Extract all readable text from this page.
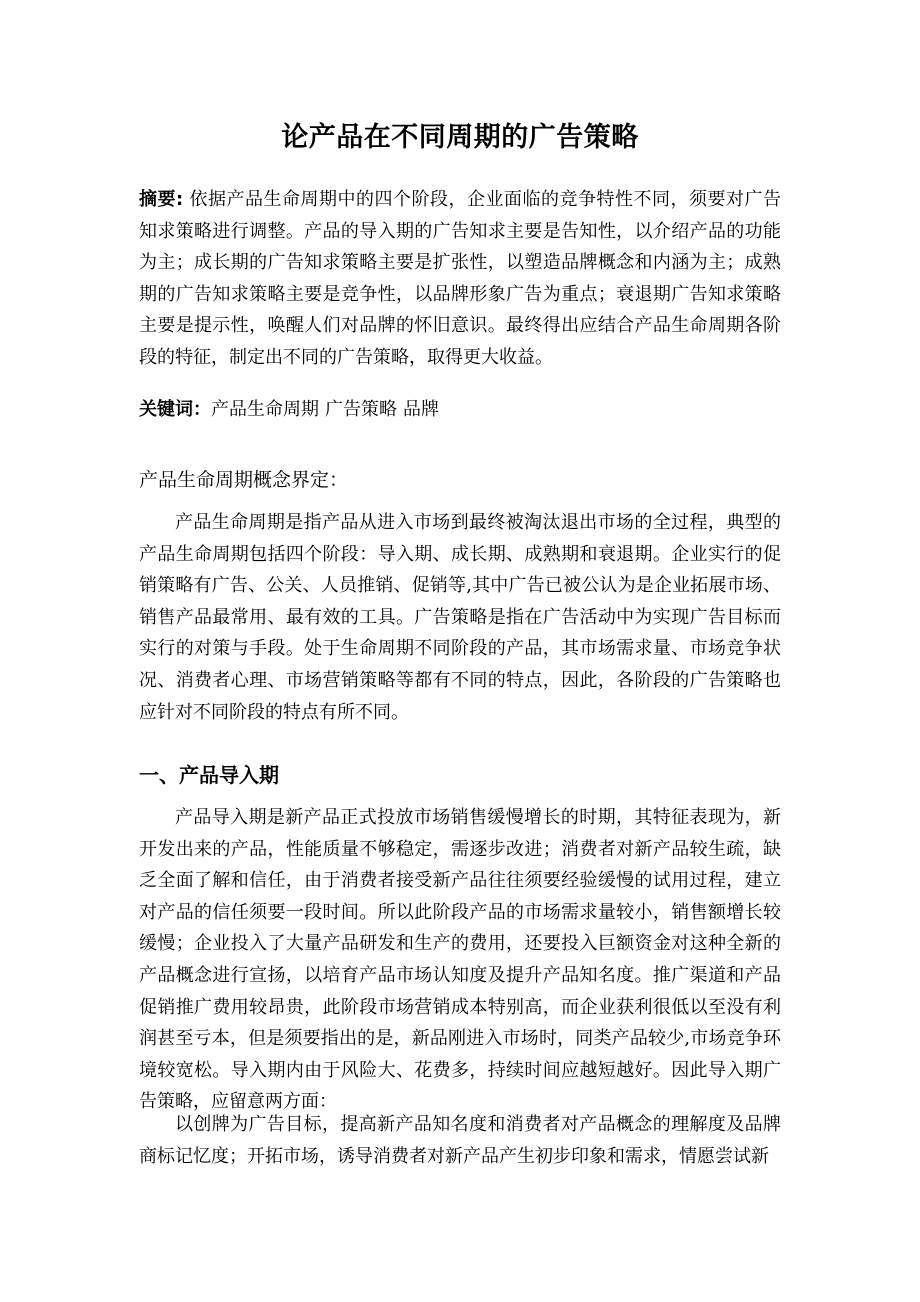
论产品在不同周期的广告策略
摘要: 依据产品生命周期中的四个阶段，企业面临的竞争特性不同，须要对广告知求策略进行调整。产品的导入期的广告知求主要是告知性，以介绍产品的功能为主；成长期的广告知求策略主要是扩张性，以塑造品牌概念和内涵为主；成熟期的广告知求策略主要是竞争性，以品牌形象广告为重点；衰退期广告知求策略主要是提示性，唤醒人们对品牌的怀旧意识。最终得出应结合产品生命周期各阶段的特征，制定出不同的广告策略，取得更大收益。
关键词：产品生命周期 广告策略 品牌
产品生命周期概念界定：
产品生命周期是指产品从进入市场到最终被淘汰退出市场的全过程，典型的产品生命周期包括四个阶段：导入期、成长期、成熟期和衰退期。企业实行的促销策略有广告、公关、人员推销、促销等,其中广告已被公认为是企业拓展市场、销售产品最常用、最有效的工具。广告策略是指在广告活动中为实现广告目标而实行的对策与手段。处于生命周期不同阶段的产品，其市场需求量、市场竞争状况、消费者心理、市场营销策略等都有不同的特点，因此，各阶段的广告策略也应针对不同阶段的特点有所不同。
一、产品导入期
产品导入期是新产品正式投放市场销售缓慢增长的时期，其特征表现为，新开发出来的产品，性能质量不够稳定，需逐步改进；消费者对新产品较生疏，缺乏全面了解和信任，由于消费者接受新产品往往须要经验缓慢的试用过程，建立对产品的信任须要一段时间。所以此阶段产品的市场需求量较小，销售额增长较缓慢；企业投入了大量产品研发和生产的费用，还要投入巨额资金对这种全新的产品概念进行宣扬，以培育产品市场认知度及提升产品知名度。推广渠道和产品促销推广费用较昂贵，此阶段市场营销成本特别高，而企业获利很低以至没有利润甚至亏本，但是须要指出的是，新品刚进入市场时，同类产品较少,市场竞争环境较宽松。导入期内由于风险大、花费多，持续时间应越短越好。因此导入期广告策略，应留意两方面：
以创牌为广告目标，提高新产品知名度和消费者对产品概念的理解度及品牌商标记忆度；开拓市场，诱导消费者对新产品产生初步印象和需求，情愿尝试新
